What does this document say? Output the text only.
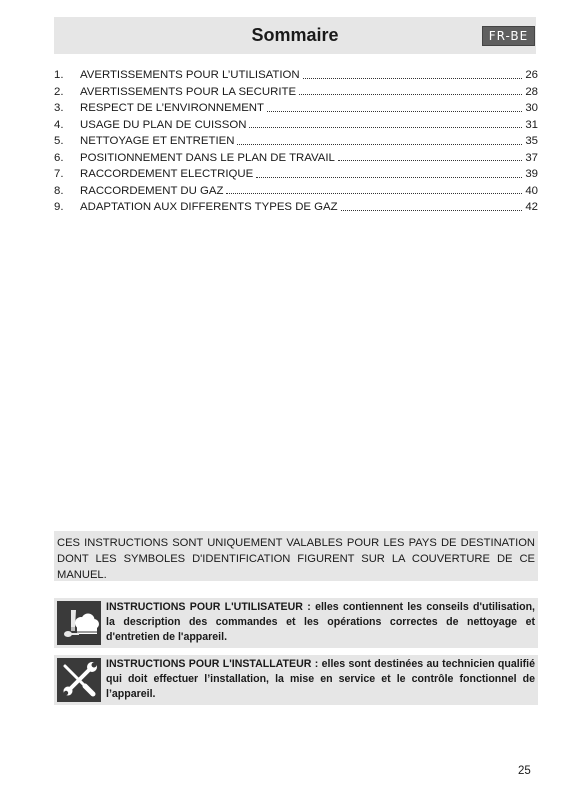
Sommaire	FR-BE
1.	AVERTISSEMENTS POUR L’UTILISATION	26
2.	AVERTISSEMENTS POUR LA SECURITE	28
3.	RESPECT DE L’ENVIRONNEMENT	30
4.	USAGE DU PLAN DE CUISSON	31
5.	NETTOYAGE ET ENTRETIEN	35
6.	POSITIONNEMENT DANS LE PLAN DE TRAVAIL	37
7.	RACCORDEMENT ELECTRIQUE	39
8.	RACCORDEMENT DU GAZ	40
9.	ADAPTATION AUX DIFFERENTS TYPES DE GAZ	42
CES INSTRUCTIONS SONT UNIQUEMENT VALABLES POUR LES PAYS DE DESTINATION DONT LES SYMBOLES D'IDENTIFICATION FIGURENT SUR LA COUVERTURE DE CE MANUEL.
INSTRUCTIONS POUR L'UTILISATEUR : elles contiennent les conseils d'utilisation, la description des commandes et les opérations correctes de nettoyage et d'entretien de l'appareil.
INSTRUCTIONS POUR L'INSTALLATEUR : elles sont destinées au technicien qualifié qui doit effectuer l’installation, la mise en service et le contrôle fonctionnel de l’appareil.
25
